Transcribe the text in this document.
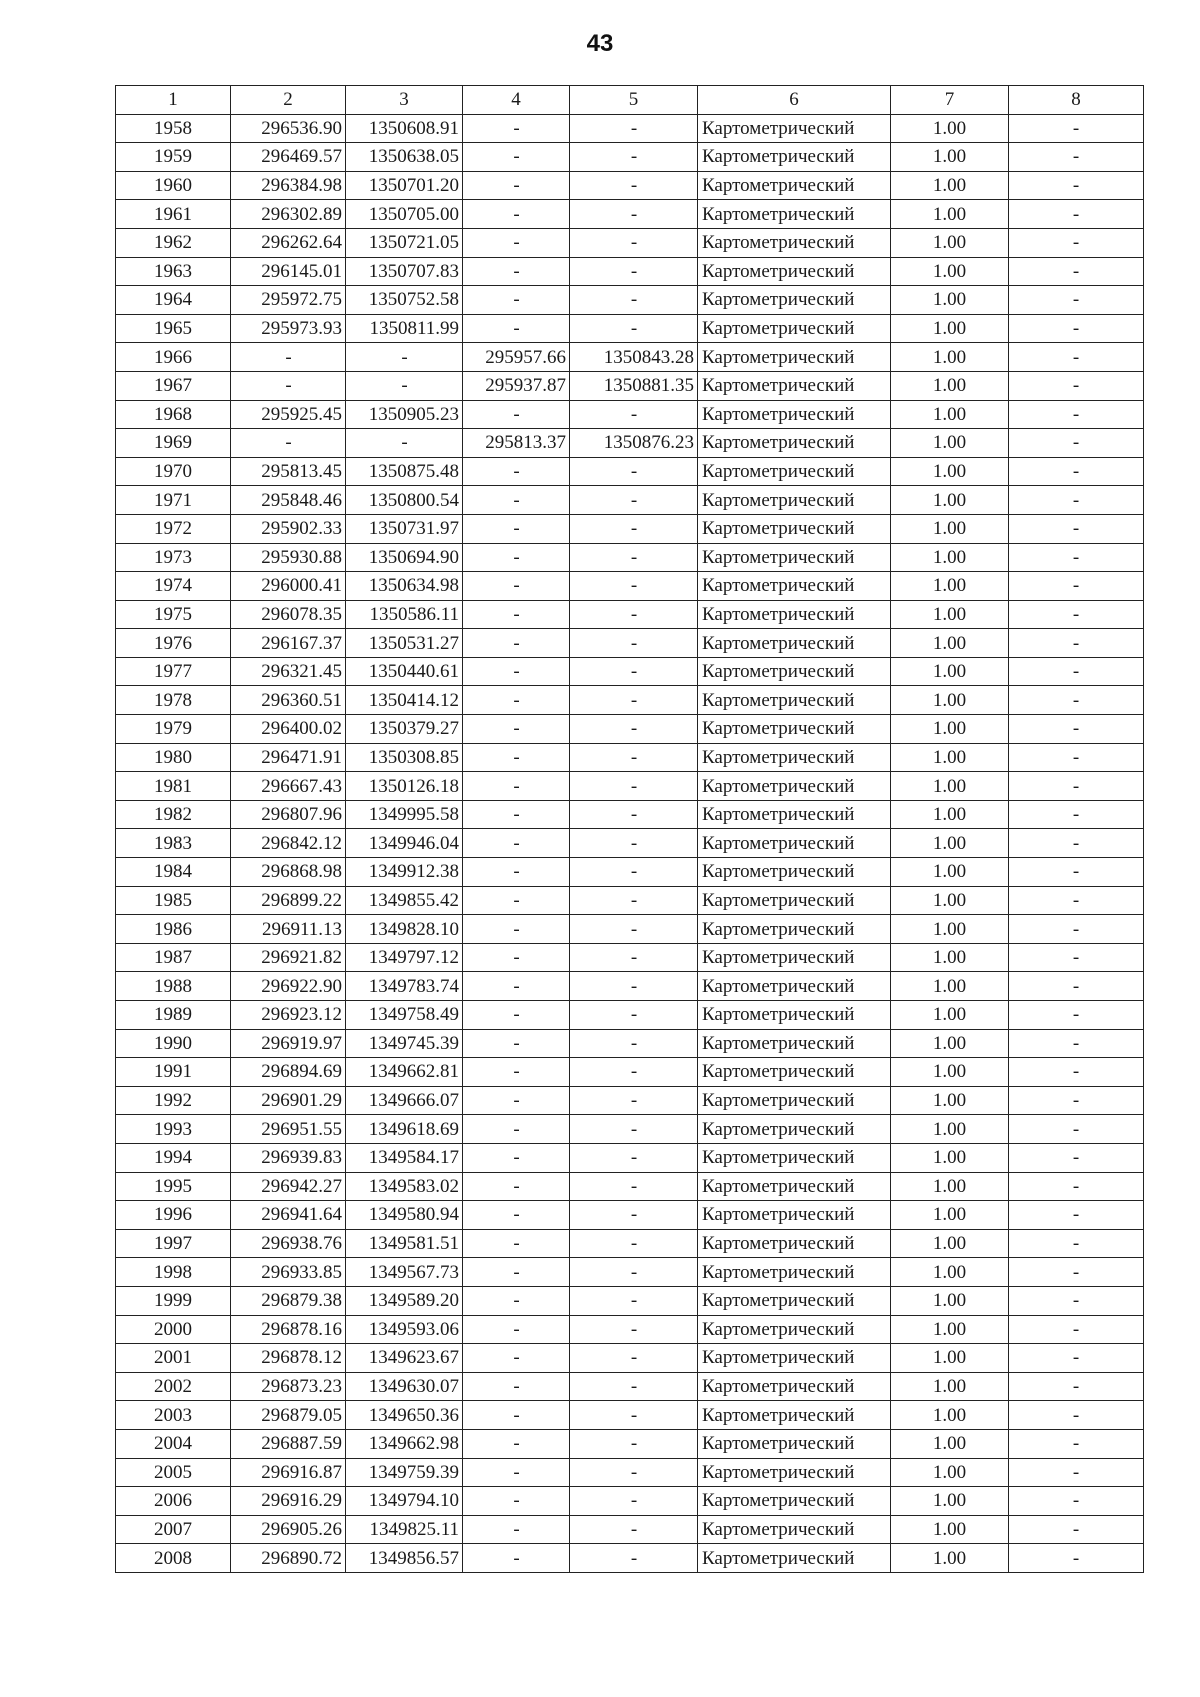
43
1	2	3	4	5	6	7	8
1958	296536.90	1350608.91	-	-	Картометрический	1.00	-
1959	296469.57	1350638.05	-	-	Картометрический	1.00	-
1960	296384.98	1350701.20	-	-	Картометрический	1.00	-
1961	296302.89	1350705.00	-	-	Картометрический	1.00	-
1962	296262.64	1350721.05	-	-	Картометрический	1.00	-
1963	296145.01	1350707.83	-	-	Картометрический	1.00	-
1964	295972.75	1350752.58	-	-	Картометрический	1.00	-
1965	295973.93	1350811.99	-	-	Картометрический	1.00	-
1966	-	-	295957.66	1350843.28	Картометрический	1.00	-
1967	-	-	295937.87	1350881.35	Картометрический	1.00	-
1968	295925.45	1350905.23	-	-	Картометрический	1.00	-
1969	-	-	295813.37	1350876.23	Картометрический	1.00	-
1970	295813.45	1350875.48	-	-	Картометрический	1.00	-
1971	295848.46	1350800.54	-	-	Картометрический	1.00	-
1972	295902.33	1350731.97	-	-	Картометрический	1.00	-
1973	295930.88	1350694.90	-	-	Картометрический	1.00	-
1974	296000.41	1350634.98	-	-	Картометрический	1.00	-
1975	296078.35	1350586.11	-	-	Картометрический	1.00	-
1976	296167.37	1350531.27	-	-	Картометрический	1.00	-
1977	296321.45	1350440.61	-	-	Картометрический	1.00	-
1978	296360.51	1350414.12	-	-	Картометрический	1.00	-
1979	296400.02	1350379.27	-	-	Картометрический	1.00	-
1980	296471.91	1350308.85	-	-	Картометрический	1.00	-
1981	296667.43	1350126.18	-	-	Картометрический	1.00	-
1982	296807.96	1349995.58	-	-	Картометрический	1.00	-
1983	296842.12	1349946.04	-	-	Картометрический	1.00	-
1984	296868.98	1349912.38	-	-	Картометрический	1.00	-
1985	296899.22	1349855.42	-	-	Картометрический	1.00	-
1986	296911.13	1349828.10	-	-	Картометрический	1.00	-
1987	296921.82	1349797.12	-	-	Картометрический	1.00	-
1988	296922.90	1349783.74	-	-	Картометрический	1.00	-
1989	296923.12	1349758.49	-	-	Картометрический	1.00	-
1990	296919.97	1349745.39	-	-	Картометрический	1.00	-
1991	296894.69	1349662.81	-	-	Картометрический	1.00	-
1992	296901.29	1349666.07	-	-	Картометрический	1.00	-
1993	296951.55	1349618.69	-	-	Картометрический	1.00	-
1994	296939.83	1349584.17	-	-	Картометрический	1.00	-
1995	296942.27	1349583.02	-	-	Картометрический	1.00	-
1996	296941.64	1349580.94	-	-	Картометрический	1.00	-
1997	296938.76	1349581.51	-	-	Картометрический	1.00	-
1998	296933.85	1349567.73	-	-	Картометрический	1.00	-
1999	296879.38	1349589.20	-	-	Картометрический	1.00	-
2000	296878.16	1349593.06	-	-	Картометрический	1.00	-
2001	296878.12	1349623.67	-	-	Картометрический	1.00	-
2002	296873.23	1349630.07	-	-	Картометрический	1.00	-
2003	296879.05	1349650.36	-	-	Картометрический	1.00	-
2004	296887.59	1349662.98	-	-	Картометрический	1.00	-
2005	296916.87	1349759.39	-	-	Картометрический	1.00	-
2006	296916.29	1349794.10	-	-	Картометрический	1.00	-
2007	296905.26	1349825.11	-	-	Картометрический	1.00	-
2008	296890.72	1349856.57	-	-	Картометрический	1.00	-
